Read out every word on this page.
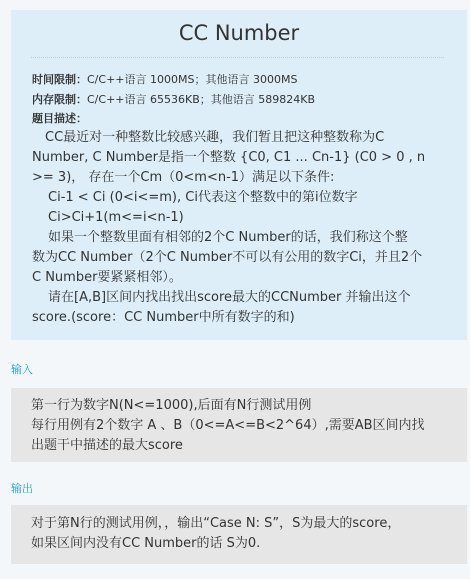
CC Number
时间限制：C/C++语言 1000MS；其他语言 3000MS
内存限制：C/C++语言 65536KB；其他语言 589824KB
题目描述：
CC最近对一种整数比较感兴趣，我们暂且把这种整数称为C
Number, C Number是指一个整数 {C0, C1 ... Cn-1} (C0 > 0 , n
>= 3)， 存在一个Cm（0<m<n-1）满足以下条件:
Ci-1 < Ci (0<i<=m), Ci代表这个整数中的第i位数字
Ci>Ci+1(m<=i<n-1)
如果一个整数里面有相邻的2个C Number的话，我们称这个整
数为CC Number（2个C Number不可以有公用的数字Ci，并且2个
C Number要紧紧相邻）。
请在[A,B]区间内找出找出score最大的CCNumber 并输出这个
score.(score：CC Number中所有数字的和)
输入
第一行为数字N(N<=1000),后面有N行测试用例
每行用例有2个数字 A 、B（0<=A<=B<2^64）,需要AB区间内找
出题干中描述的最大score
输出
对于第N行的测试用例，，输出“Case N: S”，S为最大的score，
如果区间内没有CC Number的话 S为0.
